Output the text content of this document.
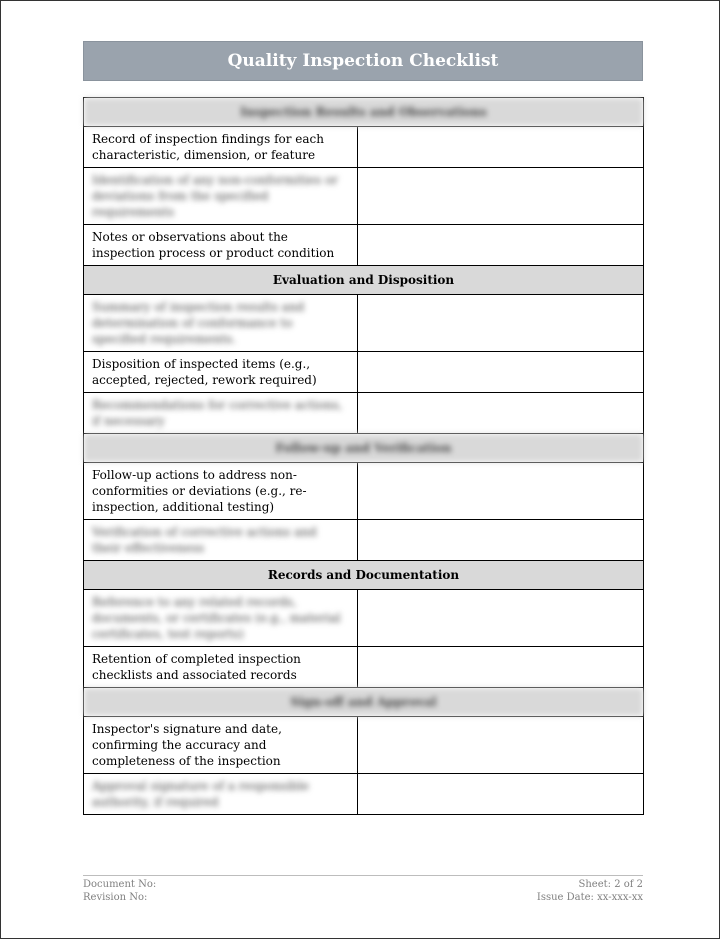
Quality Inspection Checklist
Inspection Results and Observations	
Record of inspection findings for each characteristic, dimension, or feature	
Identification of any non-conformities or deviations from the specified requirements	
Notes or observations about the inspection process or product condition	
Evaluation and Disposition	
Summary of inspection results and determination of conformance to specified requirements.	
Disposition of inspected items (e.g., accepted, rejected, rework required)	
Recommendations for corrective actions, if necessary	
Follow-up and Verification	
Follow-up actions to address non-conformities or deviations (e.g., re-inspection, additional testing)	
Verification of corrective actions and their effectiveness	
Records and Documentation	
Reference to any related records, documents, or certificates (e.g., material certificates, test reports)	
Retention of completed inspection checklists and associated records	
Sign-off and Approval	
Inspector's signature and date, confirming the accuracy and completeness of the inspection	
Approval signature of a responsible authority, if required	
Document No:	Sheet: 2 of 2
Revision No:	Issue Date: xx-xxx-xx
